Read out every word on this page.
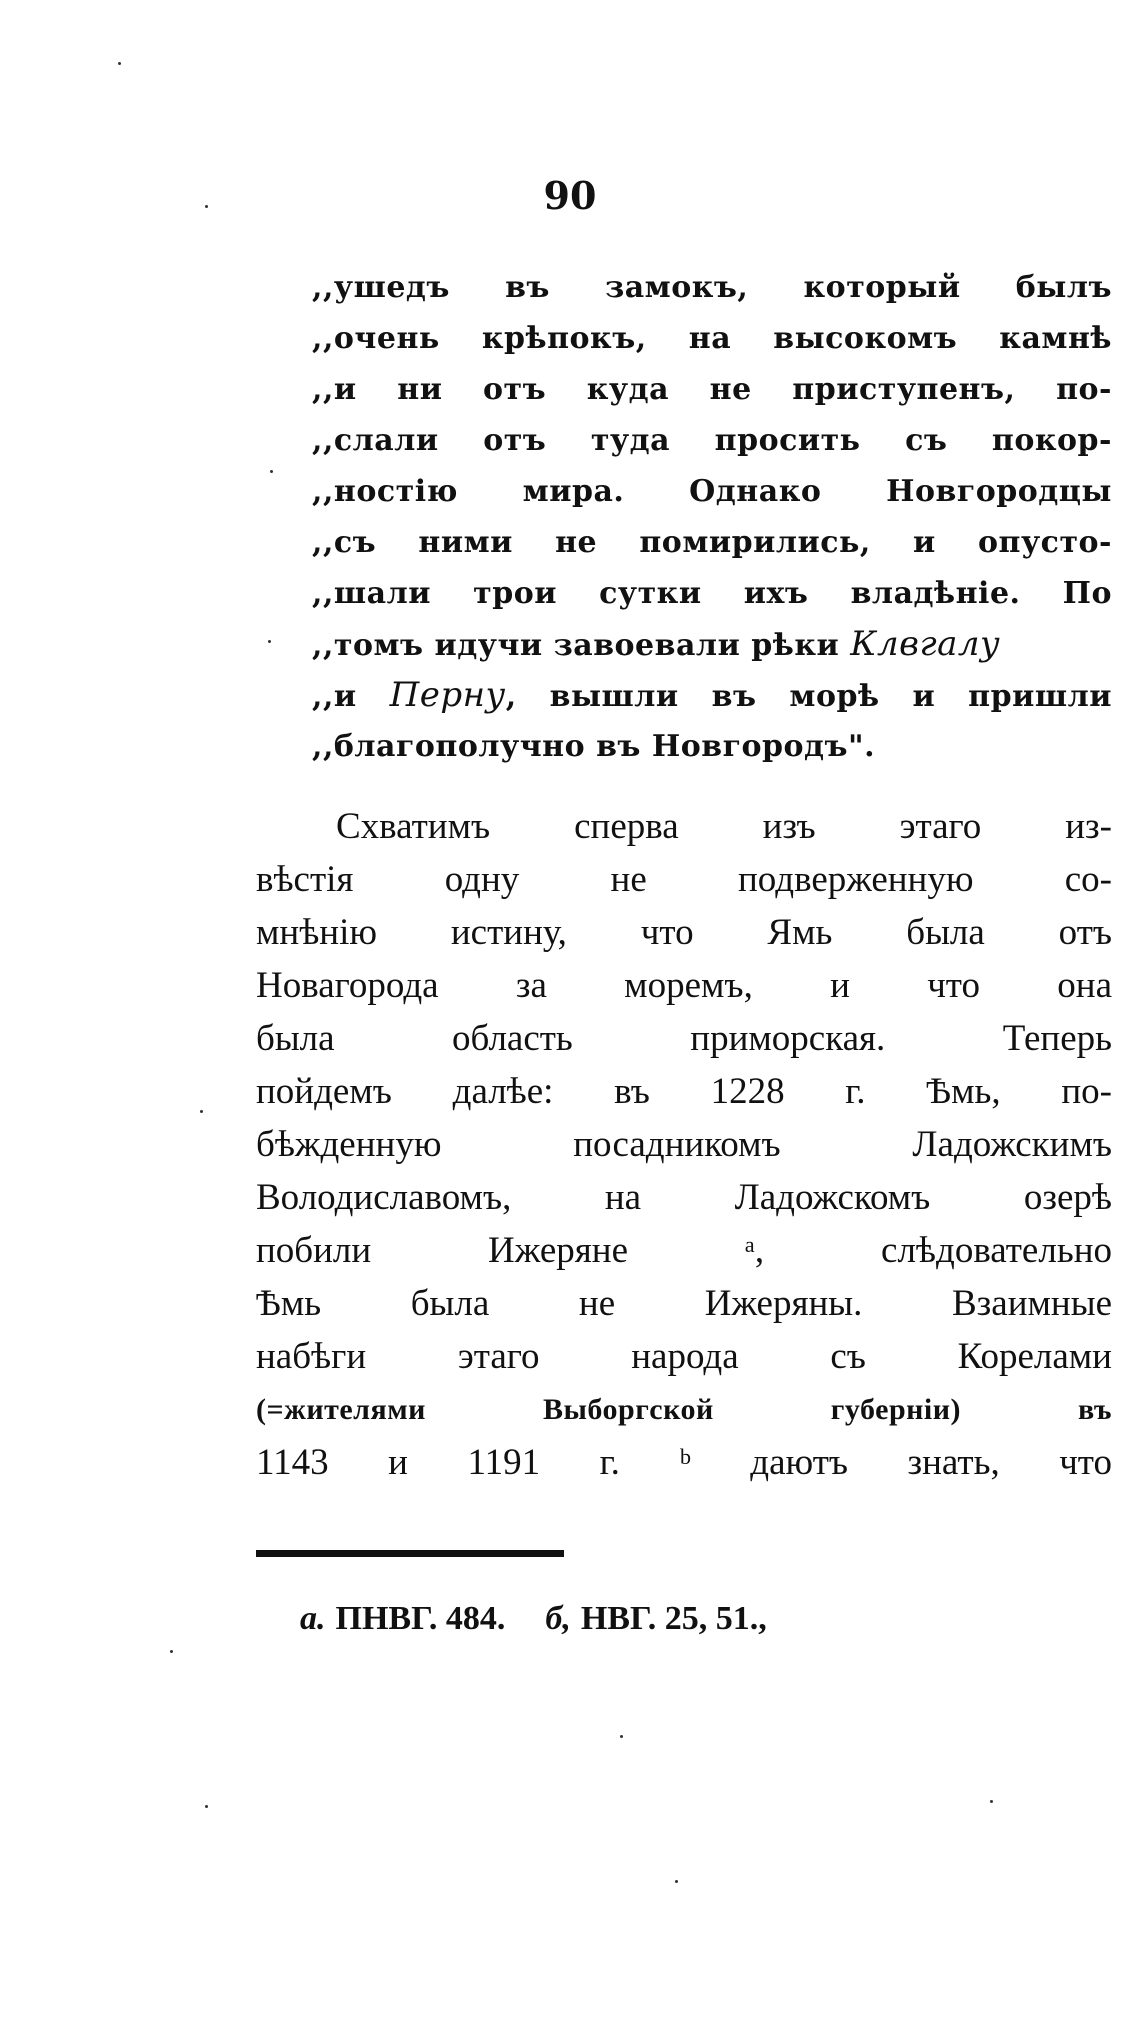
90
,,ушедъ въ замокъ, который былъ
,,очень крѣпокъ, на высокомъ камнѣ
,,и ни отъ куда не приступенъ, по-
,,слали отъ туда просить съ покор-
,,ностію мира. Однако Новгородцы
,,съ ними не помирились, и опусто-
,,шали трои сутки ихъ владѣніе. По
,,томъ идучи завоевали рѣки Клвгалу
,,и Перну, вышли въ морѣ и пришли
,,благополучно въ Новгородъ".
Схватимъ сперва изъ этаго из-
вѣстія одну не подверженную со-
мнѣнію истину, что Ямь была отъ
Новагорода за моремъ, и что она
была область приморская. Теперь
пойдемъ далѣе: въ 1228 г. Ѣмь, по-
бѣжденную посадникомъ Ладожскимъ
Володиславомъ, на Ладожскомъ озерѣ
побили Ижеряне ᵃ, слѣдовательно
Ѣмь была не Ижеряны. Взаимные
набѣги этаго народа съ Корелами
(=жителями Выборгской губерніи) въ
1143 и 1191 г. ᵇ даютъ знать, что
a. ПНВГ. 484. б, НВГ. 25, 51.,
